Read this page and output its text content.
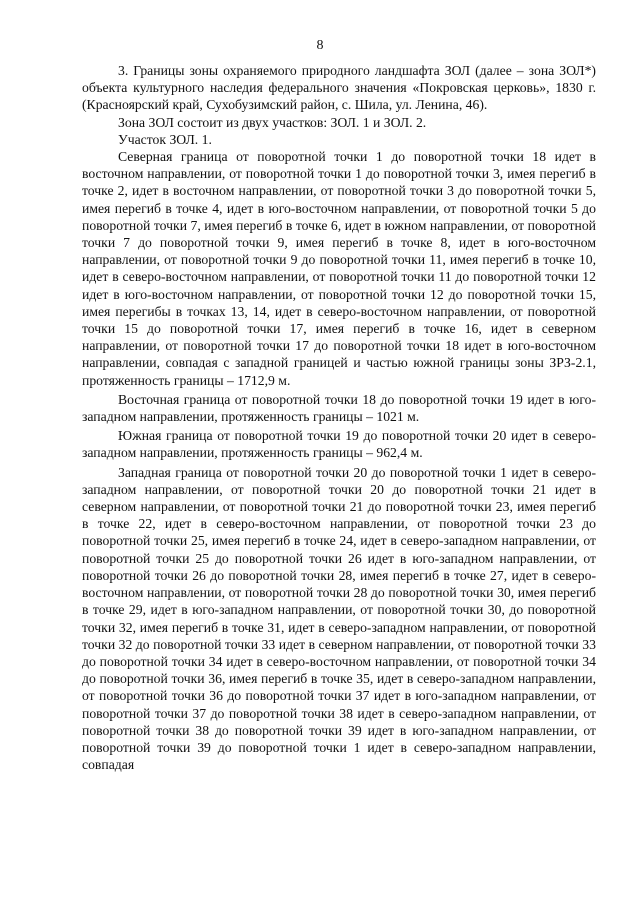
8

3. Границы зоны охраняемого природного ландшафта ЗОЛ (далее – зона ЗОЛ*) объекта культурного наследия федерального значения «Покровская церковь», 1830 г. (Красноярский край, Сухобузимский район, с. Шила, ул. Ленина, 46).

Зона ЗОЛ состоит из двух участков: ЗОЛ. 1 и ЗОЛ. 2.

Участок ЗОЛ. 1.

Северная граница от поворотной точки 1 до поворотной точки 18 идет в восточном направлении, от поворотной точки 1 до поворотной точки 3, имея перегиб в точке 2, идет в восточном направлении, от поворотной точки 3 до поворотной точки 5, имея перегиб в точке 4, идет в юго-восточном направлении, от поворотной точки 5 до поворотной точки 7, имея перегиб в точке 6, идет в южном направлении, от поворотной точки 7 до поворотной точки 9, имея перегиб в точке 8, идет в юго-восточном направлении, от поворотной точки 9 до поворотной точки 11, имея перегиб в точке 10, идет в северо-восточном направлении, от поворотной точки 11 до поворотной точки 12 идет в юго-восточном направлении, от поворотной точки 12 до поворотной точки 15, имея перегибы в точках 13, 14, идет в северо-восточном направлении, от поворотной точки 15 до поворотной точки 17, имея перегиб в точке 16, идет в северном направлении, от поворотной точки 17 до поворотной точки 18 идет в юго-восточном направлении, совпадая с западной границей и частью южной границы зоны ЗРЗ-2.1, протяженность границы – 1712,9 м.

Восточная граница от поворотной точки 18 до поворотной точки 19 идет в юго-западном направлении, протяженность границы – 1021 м.

Южная граница от поворотной точки 19 до поворотной точки 20 идет в северо-западном направлении, протяженность границы – 962,4 м.

Западная граница от поворотной точки 20 до поворотной точки 1 идет в северо-западном направлении, от поворотной точки 20 до поворотной точки 21 идет в северном направлении, от поворотной точки 21 до поворотной точки 23, имея перегиб в точке 22, идет в северо-восточном направлении, от поворотной точки 23 до поворотной точки 25, имея перегиб в точке 24, идет в северо-западном направлении, от поворотной точки 25 до поворотной точки 26 идет в юго-западном направлении, от поворотной точки 26 до поворотной точки 28, имея перегиб в точке 27, идет в северо-восточном направлении, от поворотной точки 28 до поворотной точки 30, имея перегиб в точке 29, идет в юго-западном направлении, от поворотной точки 30, до поворотной точки 32, имея перегиб в точке 31, идет в северо-западном направлении, от поворотной точки 32 до поворотной точки 33 идет в северном направлении, от поворотной точки 33 до поворотной точки 34 идет в северо-восточном направлении, от поворотной точки 34 до поворотной точки 36, имея перегиб в точке 35, идет в северо-западном направлении, от поворотной точки 36 до поворотной точки 37 идет в юго-западном направлении, от поворотной точки 37 до поворотной точки 38 идет в северо-западном направлении, от поворотной точки 38 до поворотной точки 39 идет в юго-западном направлении, от поворотной точки 39 до поворотной точки 1 идет в северо-западном направлении, совпадая
